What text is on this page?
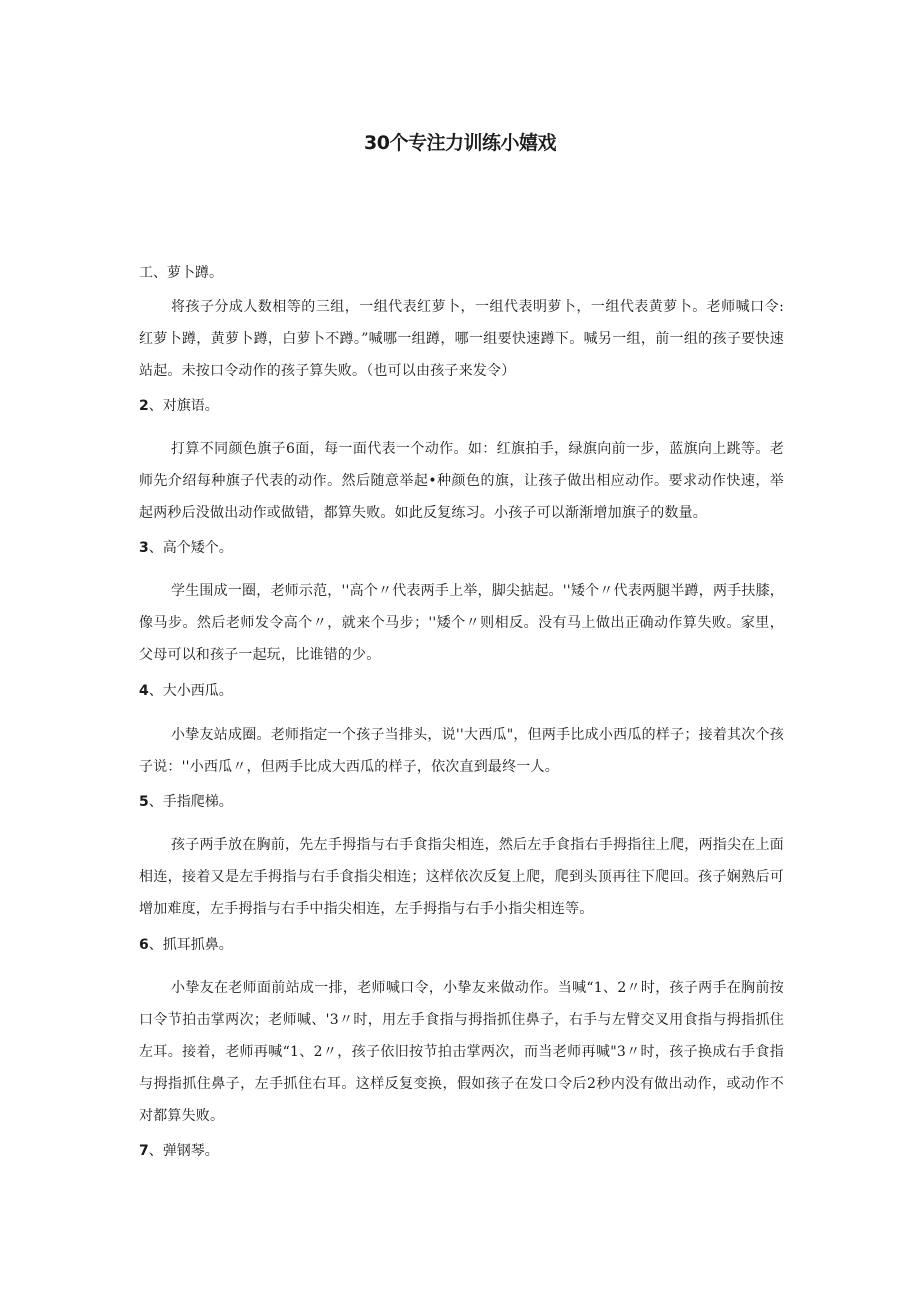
30个专注力训练小嬉戏
工、萝卜蹲。

将孩子分成人数相等的三组，一组代表红萝卜，一组代表明萝卜，一组代表黄萝卜。老师喊口令:红萝卜蹲，黄萝卜蹲，白萝卜不蹲。”喊哪一组蹲，哪一组要快速蹲下。喊另一组，前一组的孩子要快速站起。未按口令动作的孩子算失败。（也可以由孩子来发令）

2、对旗语。

打算不同颜色旗子6面，每一面代表一个动作。如：红旗拍手，绿旗向前一步，蓝旗向上跳等。老师先介绍每种旗子代表的动作。然后随意举起•种颜色的旗，让孩子做出相应动作。要求动作快速，举起两秒后没做出动作或做错，都算失败。如此反复练习。小孩子可以渐渐增加旗子的数量。

3、高个矮个。

学生围成一圈，老师示范，''高个〃代表两手上举，脚尖掂起。''矮个〃代表两腿半蹲，两手扶膝，像马步。然后老师发令高个〃，就来个马步；''矮个〃则相反。没有马上做出正确动作算失败。家里，父母可以和孩子一起玩，比谁错的少。

4、大小西瓜。

小挚友站成圈。老师指定一个孩子当排头，说''大西瓜"，但两手比成小西瓜的样子；接着其次个孩子说：''小西瓜〃，但两手比成大西瓜的样子，依次直到最终一人。

5、手指爬梯。

孩子两手放在胸前，先左手拇指与右手食指尖相连，然后左手食指右手拇指往上爬，两指尖在上面相连，接着又是左手拇指与右手食指尖相连；这样依次反复上爬，爬到头顶再往下爬回。孩子娴熟后可增加难度，左手拇指与右手中指尖相连，左手拇指与右手小指尖相连等。

6、抓耳抓鼻。

小挚友在老师面前站成一排，老师喊口令，小挚友来做动作。当喊“1、2〃时，孩子两手在胸前按口令节拍击掌两次；老师喊、'3〃时，用左手食指与拇指抓住鼻子，右手与左臂交叉用食指与拇指抓住左耳。接着，老师再喊“1、2〃，孩子依旧按节拍击掌两次，而当老师再喊"3〃时，孩子换成右手食指与拇指抓住鼻子，左手抓住右耳。这样反复变换，假如孩子在发口令后2秒内没有做出动作，或动作不对都算失败。

7、弹钢琴。
